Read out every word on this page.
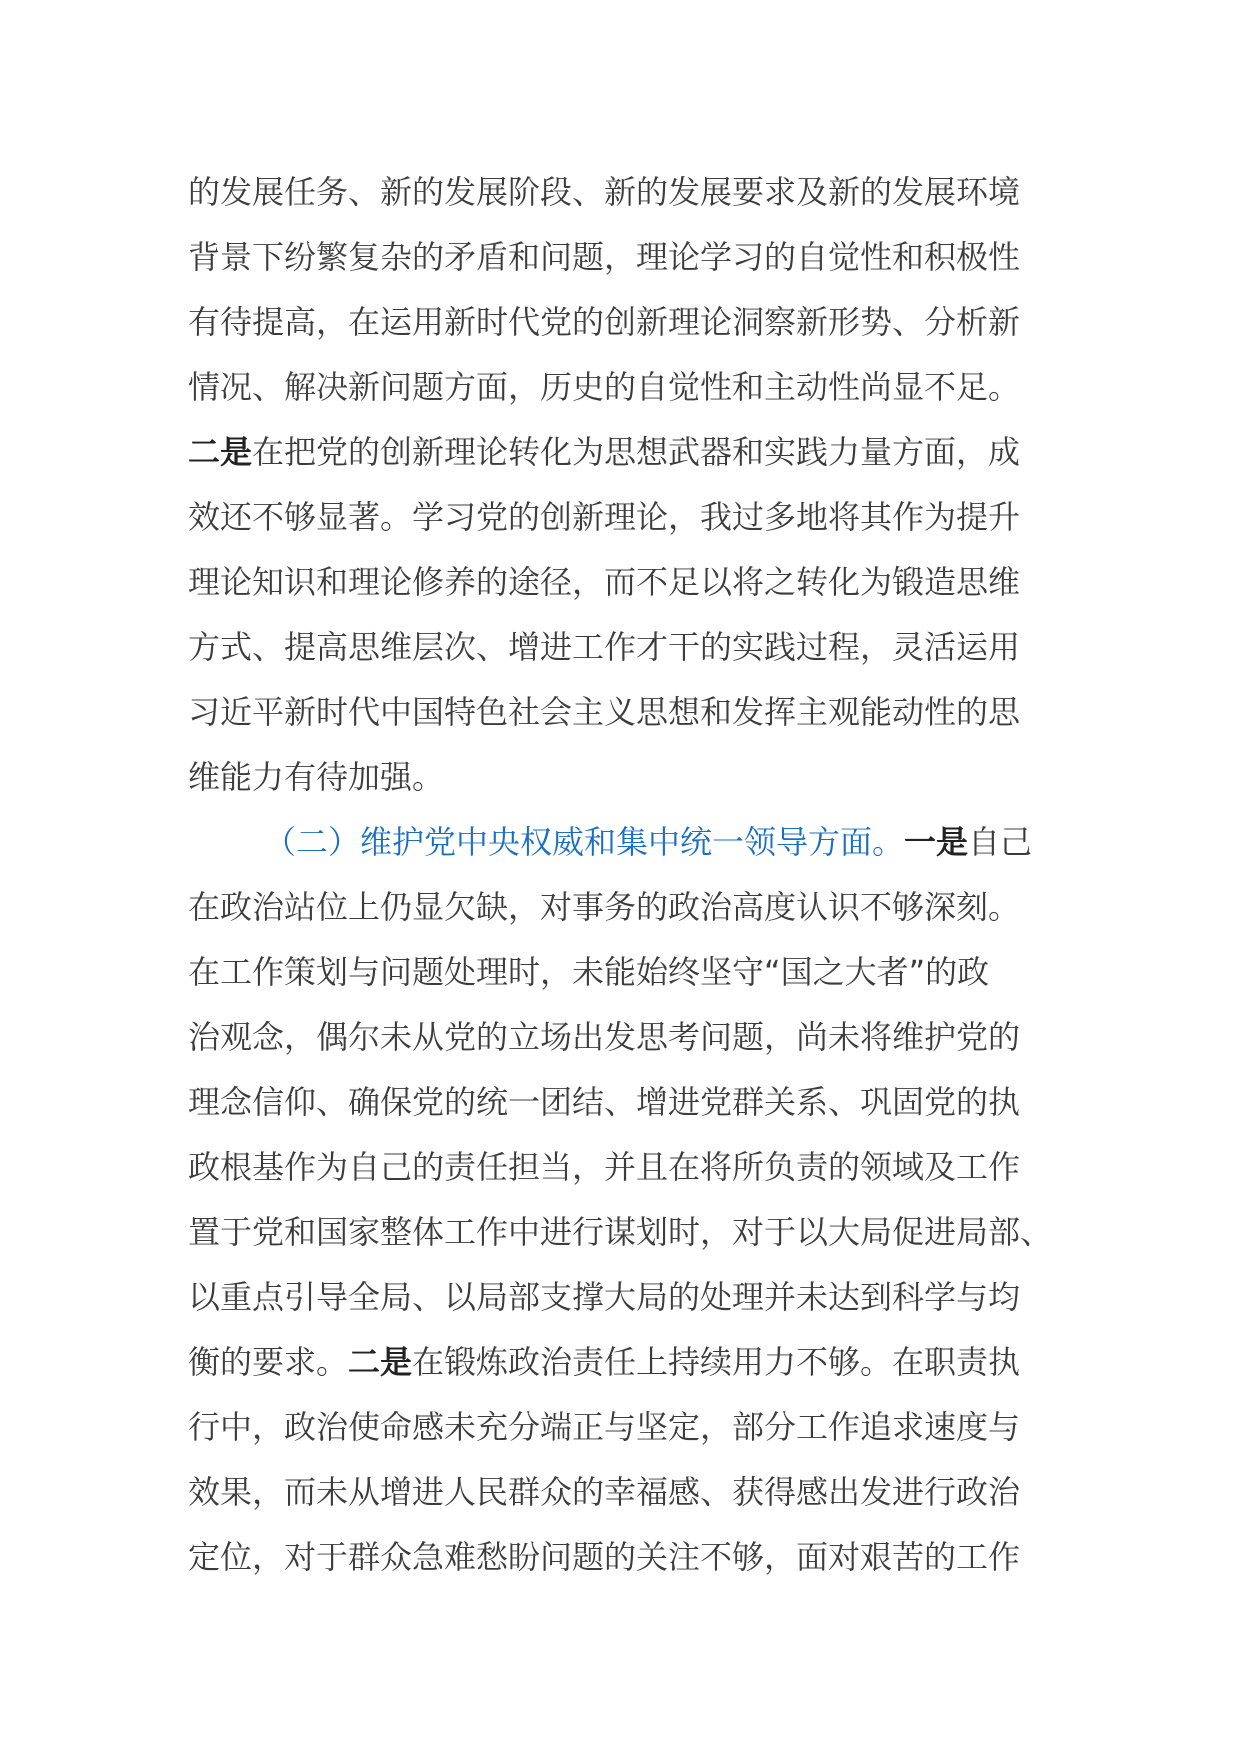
的发展任务、新的发展阶段、新的发展要求及新的发展环境
背景下纷繁复杂的矛盾和问题，理论学习的自觉性和积极性
有待提高，在运用新时代党的创新理论洞察新形势、分析新
情况、解决新问题方面，历史的自觉性和主动性尚显不足。
二是在把党的创新理论转化为思想武器和实践力量方面，成
效还不够显著。学习党的创新理论，我过多地将其作为提升
理论知识和理论修养的途径，而不足以将之转化为锻造思维
方式、提高思维层次、增进工作才干的实践过程，灵活运用
习近平新时代中国特色社会主义思想和发挥主观能动性的思
维能力有待加强。
（二）维护党中央权威和集中统一领导方面。一是自己
在政治站位上仍显欠缺，对事务的政治高度认识不够深刻。
在工作策划与问题处理时，未能始终坚守“国之大者”的政
治观念，偶尔未从党的立场出发思考问题，尚未将维护党的
理念信仰、确保党的统一团结、增进党群关系、巩固党的执
政根基作为自己的责任担当，并且在将所负责的领域及工作
置于党和国家整体工作中进行谋划时，对于以大局促进局部、
以重点引导全局、以局部支撑大局的处理并未达到科学与均
衡的要求。二是在锻炼政治责任上持续用力不够。在职责执
行中，政治使命感未充分端正与坚定，部分工作追求速度与
效果，而未从增进人民群众的幸福感、获得感出发进行政治
定位，对于群众急难愁盼问题的关注不够，面对艰苦的工作
